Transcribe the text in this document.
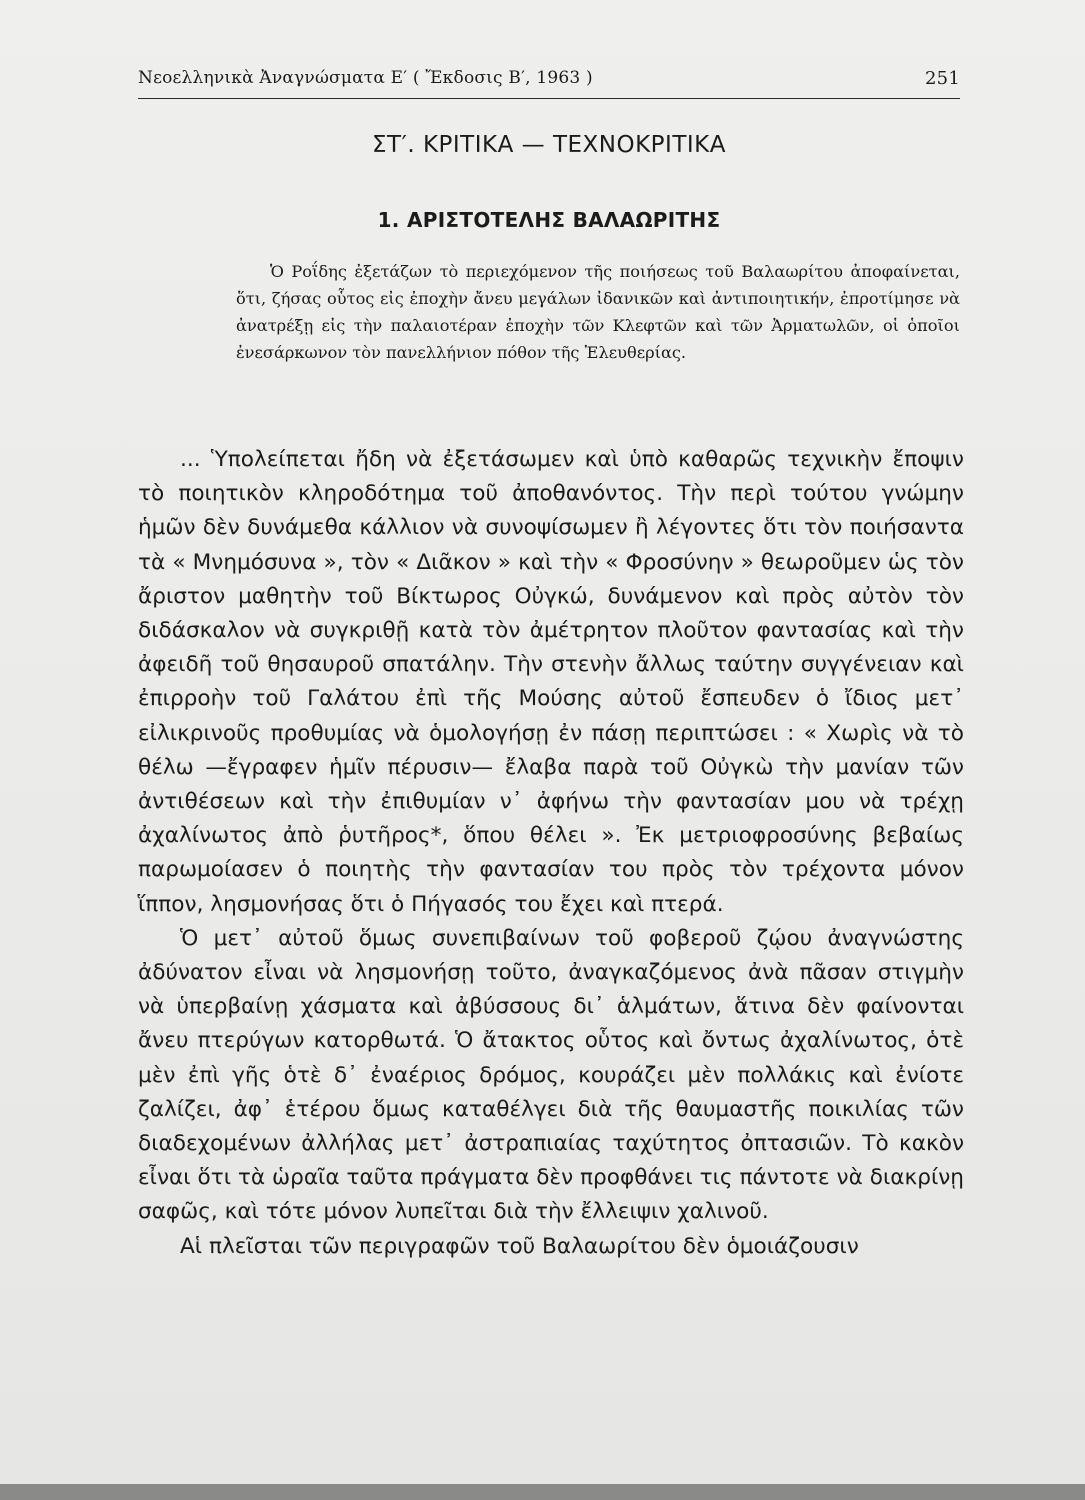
Νεοελληνικὰ Ἀναγνώσματα Ε′ ( Ἔκδοσις Β′, 1963 )	251
ΣΤ′. ΚΡΙΤΙΚΑ — ΤΕΧΝΟΚΡΙΤΙΚΑ
1. ΑΡΙΣΤΟΤΕΛΗΣ ΒΑΛΑΩΡΙΤΗΣ

Ὁ Ροΐδης ἐξετάζων τὸ περιεχόμενον τῆς ποιήσεως τοῦ Βαλαωρίτου ἀποφαίνεται, ὅτι, ζήσας οὗτος εἰς ἐποχὴν ἄνευ μεγάλων ἰδανικῶν καὶ ἀντιποιητικήν, ἐπροτίμησε νὰ ἀνατρέξῃ εἰς τὴν παλαιοτέραν ἐποχὴν τῶν Κλεφτῶν καὶ τῶν Ἀρματωλῶν, οἱ ὁποῖοι ἐνεσάρκωνον τὸν πανελλήνιον πόθον τῆς Ἐλευθερίας.

... Ὑπολείπεται ἤδη νὰ ἐξετάσωμεν καὶ ὑπὸ καθαρῶς τεχνικὴν ἔποψιν τὸ ποιητικὸν κληροδότημα τοῦ ἀποθανόντος. Τὴν περὶ τούτου γνώμην ἡμῶν δὲν δυνάμεθα κάλλιον νὰ συνοψίσωμεν ἢ λέγοντες ὅτι τὸν ποιήσαντα τὰ « Μνημόσυνα », τὸν « Διᾶκον » καὶ τὴν « Φροσύνην » θεωροῦμεν ὡς τὸν ἄριστον μαθητὴν τοῦ Βίκτωρος Οὐγκώ, δυνάμενον καὶ πρὸς αὐτὸν τὸν διδάσκαλον νὰ συγκριθῇ κατὰ τὸν ἀμέτρητον πλοῦτον φαντασίας καὶ τὴν ἀφειδῆ τοῦ θησαυροῦ σπατάλην. Τὴν στενὴν ἄλλως ταύτην συγγένειαν καὶ ἐπιρροὴν τοῦ Γαλάτου ἐπὶ τῆς Μούσης αὐτοῦ ἔσπευδεν ὁ ἴδιος μετ᾿ εἰλικρινοῦς προθυμίας νὰ ὁμολογήσῃ ἐν πάσῃ περιπτώσει : « Χωρὶς νὰ τὸ θέλω —ἔγραφεν ἡμῖν πέρυσιν— ἔλαβα παρὰ τοῦ Οὐγκὼ τὴν μανίαν τῶν ἀντιθέσεων καὶ τὴν ἐπιθυμίαν ν᾿ ἀφήνω τὴν φαντασίαν μου νὰ τρέχῃ ἀχαλίνωτος ἀπὸ ῥυτῆρος*, ὅπου θέλει ». Ἐκ μετριοφροσύνης βεβαίως παρωμοίασεν ὁ ποιητὴς τὴν φαντασίαν του πρὸς τὸν τρέχοντα μόνον ἵππον, λησμονήσας ὅτι ὁ Πήγασός του ἔχει καὶ πτερά.

Ὁ μετ᾿ αὐτοῦ ὅμως συνεπιβαίνων τοῦ φοβεροῦ ζῴου ἀναγνώστης ἀδύνατον εἶναι νὰ λησμονήσῃ τοῦτο, ἀναγκαζόμενος ἀνὰ πᾶσαν στιγμὴν νὰ ὑπερβαίνῃ χάσματα καὶ ἀβύσσους δι᾿ ἁλμάτων, ἅτινα δὲν φαίνονται ἄνευ πτερύγων κατορθωτά. Ὁ ἄτακτος οὗτος καὶ ὄντως ἀχαλίνωτος, ὁτὲ μὲν ἐπὶ γῆς ὁτὲ δ᾿ ἐναέριος δρόμος, κουράζει μὲν πολλάκις καὶ ἐνίοτε ζαλίζει, ἀφ᾿ ἑτέρου ὅμως καταθέλγει διὰ τῆς θαυμαστῆς ποικιλίας τῶν διαδεχομένων ἀλλήλας μετ᾿ ἀστραπιαίας ταχύτητος ὀπτασιῶν. Τὸ κακὸν εἶναι ὅτι τὰ ὡραῖα ταῦτα πράγματα δὲν προφθάνει τις πάντοτε νὰ διακρίνῃ σαφῶς, καὶ τότε μόνον λυπεῖται διὰ τὴν ἔλλειψιν χαλινοῦ.

Αἱ πλεῖσται τῶν περιγραφῶν τοῦ Βαλαωρίτου δὲν ὁμοιάζουσιν
